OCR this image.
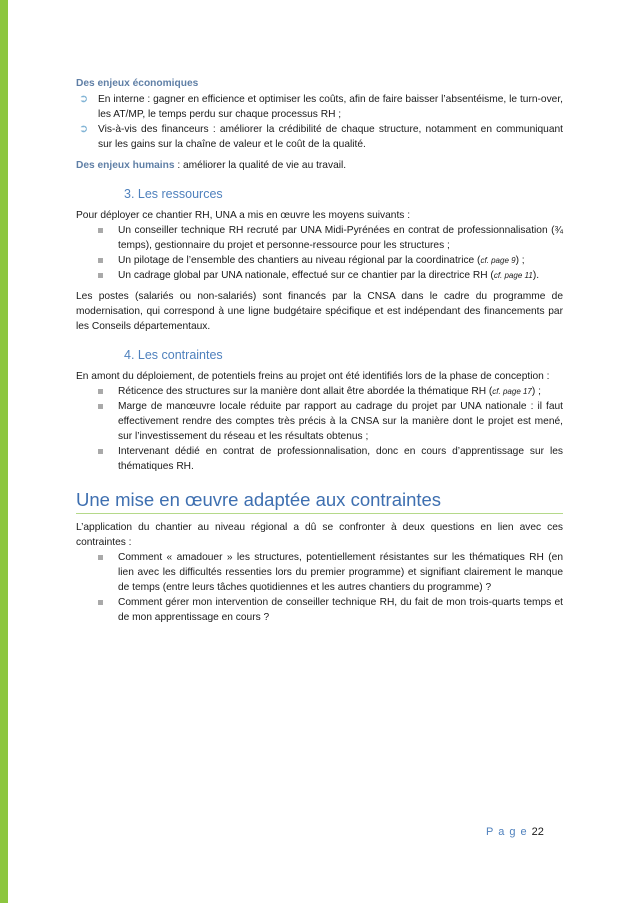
Des enjeux économiques
➲ En interne : gagner en efficience et optimiser les coûts, afin de faire baisser l’absentéisme, le turn-over, les AT/MP, le temps perdu sur chaque processus RH ;
➲ Vis-à-vis des financeurs : améliorer la crédibilité de chaque structure, notamment en communiquant sur les gains sur la chaîne de valeur et le coût de la qualité.
Des enjeux humains : améliorer la qualité de vie au travail.
3. Les ressources
Pour déployer ce chantier RH, UNA a mis en œuvre les moyens suivants :
Un conseiller technique RH recruté par UNA Midi-Pyrénées en contrat de professionnalisation (¾ temps), gestionnaire du projet et personne-ressource pour les structures ;
Un pilotage de l’ensemble des chantiers au niveau régional par la coordinatrice (cf. page 9) ;
Un cadrage global par UNA nationale, effectué sur ce chantier par la directrice RH (cf. page 11).
Les postes (salariés ou non-salariés) sont financés par la CNSA dans le cadre du programme de modernisation, qui correspond à une ligne budgétaire spécifique et est indépendant des financements par les Conseils départementaux.
4. Les contraintes
En amont du déploiement, de potentiels freins au projet ont été identifiés lors de la phase de conception :
Réticence des structures sur la manière dont allait être abordée la thématique RH (cf. page 17) ;
Marge de manœuvre locale réduite par rapport au cadrage du projet par UNA nationale : il faut effectivement rendre des comptes très précis à la CNSA sur la manière dont le projet est mené, sur l’investissement du réseau et les résultats obtenus ;
Intervenant dédié en contrat de professionnalisation, donc en cours d’apprentissage sur les thématiques RH.
Une mise en œuvre adaptée aux contraintes
L’application du chantier au niveau régional a dû se confronter à deux questions en lien avec ces contraintes :
Comment « amadouer » les structures, potentiellement résistantes sur les thématiques RH (en lien avec les difficultés ressenties lors du premier programme) et signifiant clairement le manque de temps (entre leurs tâches quotidiennes et les autres chantiers du programme) ?
Comment gérer mon intervention de conseiller technique RH, du fait de mon trois-quarts temps et de mon apprentissage en cours ?
P a g e 22
